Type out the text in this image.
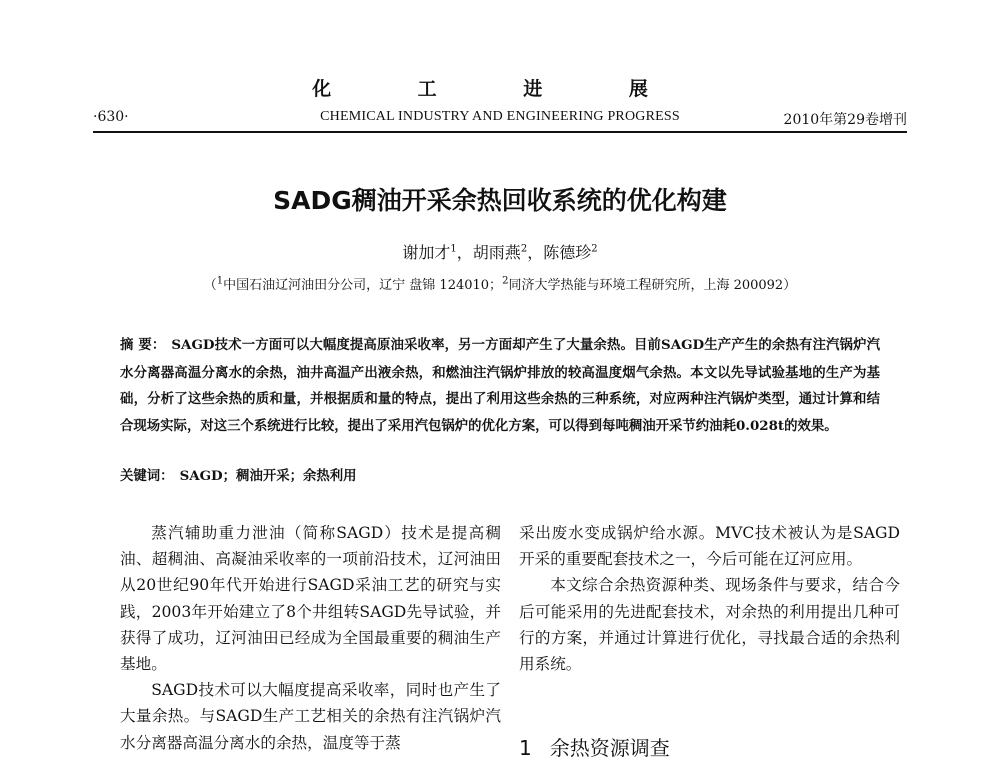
化 工 进 展
·630·	CHEMICAL INDUSTRY AND ENGINEERING PROGRESS	2010年第29卷增刊
SADG稠油开采余热回收系统的优化构建
谢加才$^1$，胡雨燕$^2$，陈德珍$^2$
（$^1$中国石油辽河油田分公司，辽宁 盘锦 124010；$^2$同济大学热能与环境工程研究所，上海 200092）
摘 要： SAGD技术一方面可以大幅度提高原油采收率，另一方面却产生了大量余热。目前SAGD生产产生的余热有注汽锅炉汽水分离器高温分离水的余热，油井高温产出液余热，和燃油注汽锅炉排放的较高温度烟气余热。本文以先导试验基地的生产为基础，分析了这些余热的质和量，并根据质和量的特点，提出了利用这些余热的三种系统，对应两种注汽锅炉类型，通过计算和结合现场实际，对这三个系统进行比较，提出了采用汽包锅炉的优化方案，可以得到每吨稠油开采节约油耗0.028t的效果。
关键词： SAGD；稠油开采；余热利用

蒸汽辅助重力泄油（简称SAGD）技术是提高稠油、超稠油、高凝油采收率的一项前沿技术，辽河油田从20世纪90年代开始进行SAGD采油工艺的研究与实践，2003年开始建立了8个井组转SAGD先导试验，并获得了成功，辽河油田已经成为全国最重要的稠油生产基地。

SAGD技术可以大幅度提高采收率，同时也产生了大量余热。与SAGD生产工艺相关的余热有注汽锅炉汽水分离器高温分离水的余热，温度等于蒸

采出废水变成锅炉给水源。MVC技术被认为是SAGD开采的重要配套技术之一，今后可能在辽河应用。

本文综合余热资源种类、现场条件与要求，结合今后可能采用的先进配套技术，对余热的利用提出几种可行的方案，并通过计算进行优化，寻找最合适的余热利用系统。

1 余热资源调查
